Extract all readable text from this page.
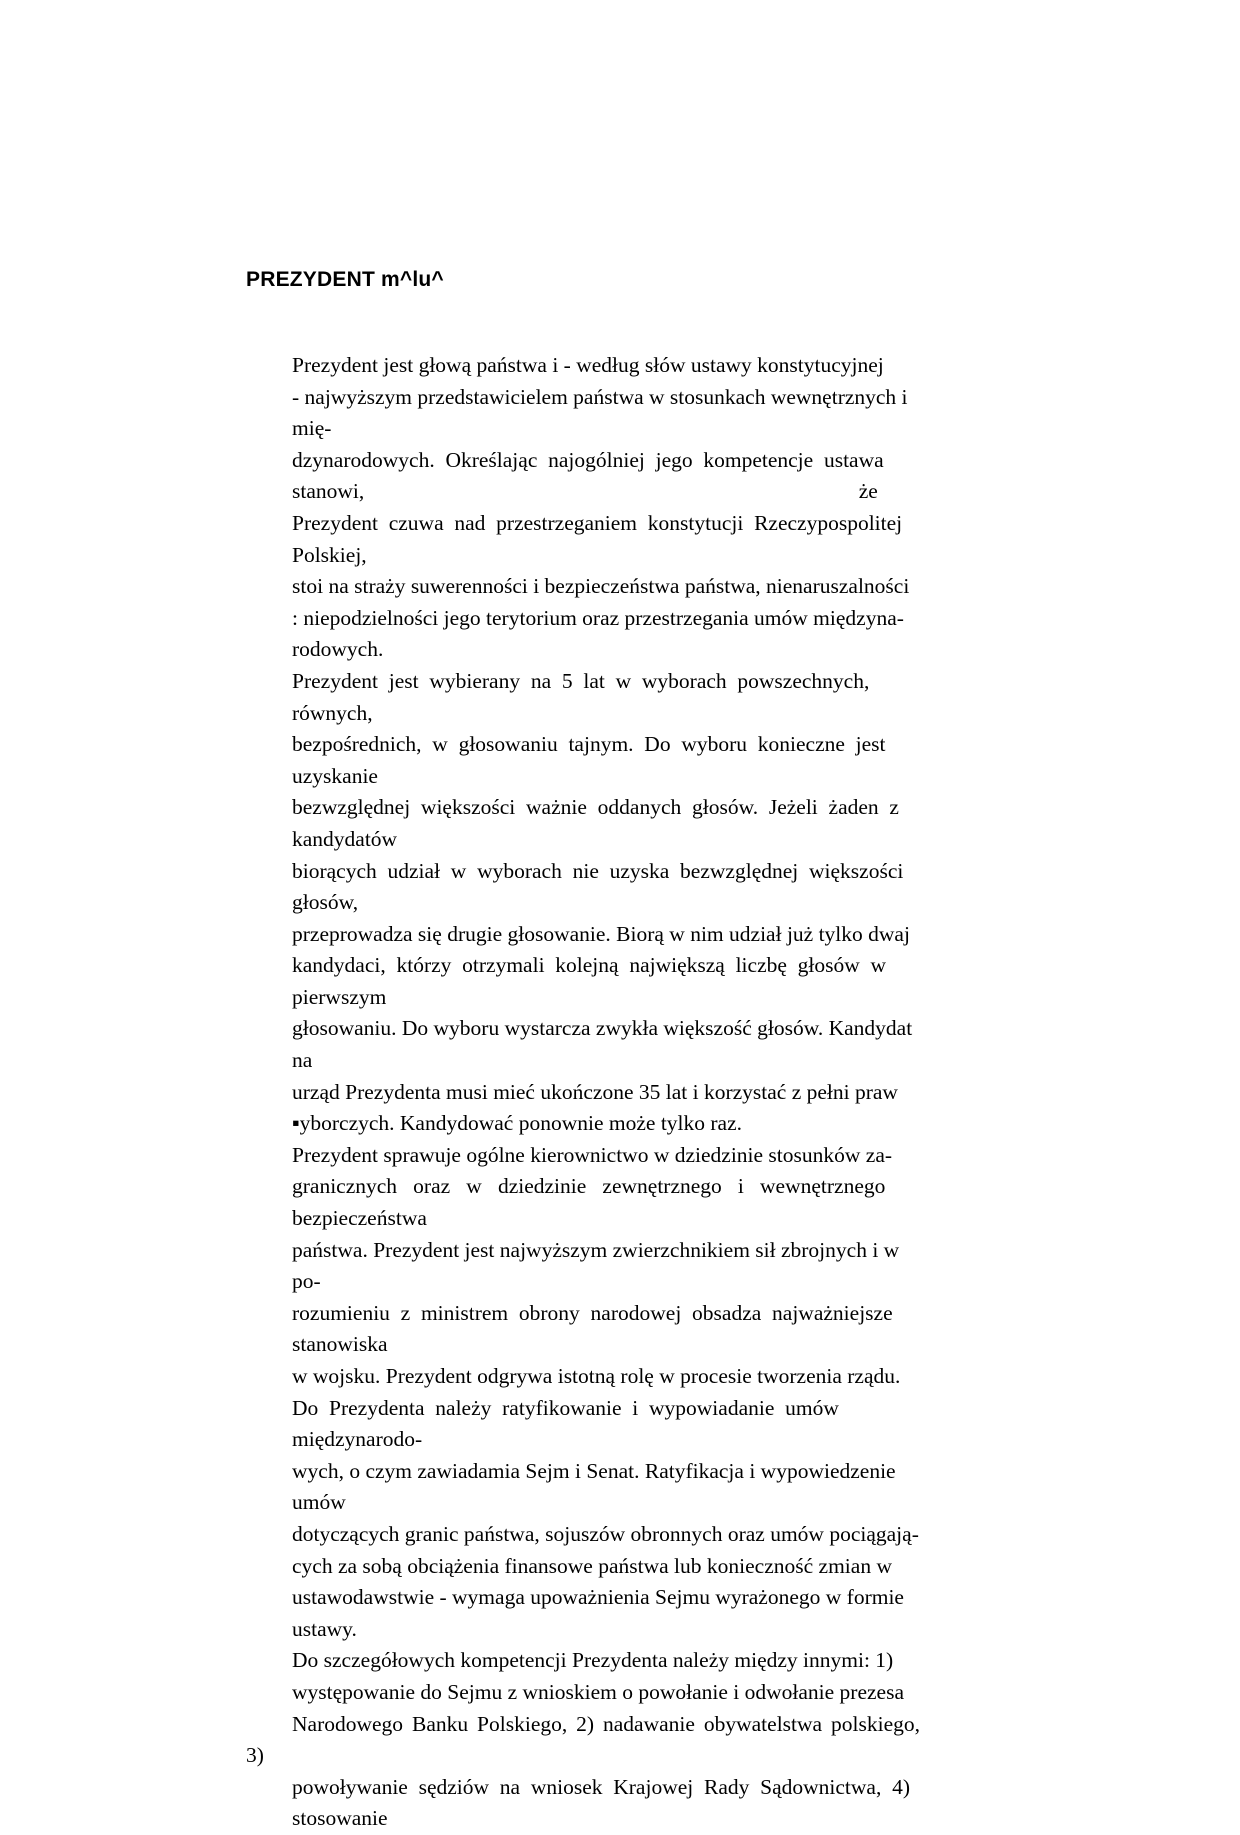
PREZYDENT m^lu^

Prezydent jest głową państwa i - według słów ustawy konstytucyjnej
- najwyższym przedstawicielem państwa w stosunkach wewnętrznych i
mię-
dzynarodowych.  Określając  najogólniej  jego  kompetencje  ustawa
stanowi,                                                                                            że
Prezydent  czuwa  nad  przestrzeganiem  konstytucji  Rzeczypospolitej
Polskiej,
stoi na straży suwerenności i bezpieczeństwa państwa, nienaruszalności
: niepodzielności jego terytorium oraz przestrzegania umów międzyna-
rodowych.

Prezydent  jest  wybierany  na  5  lat  w  wyborach  powszechnych,
równych,
bezpośrednich,  w  głosowaniu  tajnym.  Do  wyboru  konieczne  jest
uzyskanie
bezwzględnej  większości  ważnie  oddanych  głosów.  Jeżeli  żaden  z
kandydatów
biorących  udział  w  wyborach  nie  uzyska  bezwzględnej  większości
głosów,
przeprowadza się drugie głosowanie. Biorą w nim udział już tylko dwaj
kandydaci,  którzy  otrzymali  kolejną  największą  liczbę  głosów  w
pierwszym
głosowaniu. Do wyboru wystarcza zwykła większość głosów. Kandydat
na
urząd Prezydenta musi mieć ukończone 35 lat i korzystać z pełni praw
▪yborczych. Kandydować ponownie może tylko raz.

Prezydent sprawuje ogólne kierownictwo w dziedzinie stosunków za-
granicznych   oraz   w   dziedzinie   zewnętrznego   i   wewnętrznego
bezpieczeństwa
państwa. Prezydent jest najwyższym zwierzchnikiem sił zbrojnych i w
po-
rozumieniu  z  ministrem  obrony  narodowej  obsadza  najważniejsze
stanowiska
w wojsku. Prezydent odgrywa istotną rolę w procesie tworzenia rządu.

Do  Prezydenta  należy  ratyfikowanie  i  wypowiadanie  umów
międzynarodo-
wych, o czym zawiadamia Sejm i Senat. Ratyfikacja i wypowiedzenie
umów
dotyczących granic państwa, sojuszów obronnych oraz umów pociągają-
cych za sobą obciążenia finansowe państwa lub konieczność zmian w
ustawodawstwie - wymaga upoważnienia Sejmu wyrażonego w formie
ustawy.

Do szczegółowych kompetencji Prezydenta należy między innymi: 1)
występowanie do Sejmu z wnioskiem o powołanie i odwołanie prezesa
Narodowego Banku Polskiego, 2) nadawanie obywatelstwa polskiego, 3)
powoływanie  sędziów  na  wniosek  Krajowej  Rady  Sądownictwa,  4)
stosowanie
